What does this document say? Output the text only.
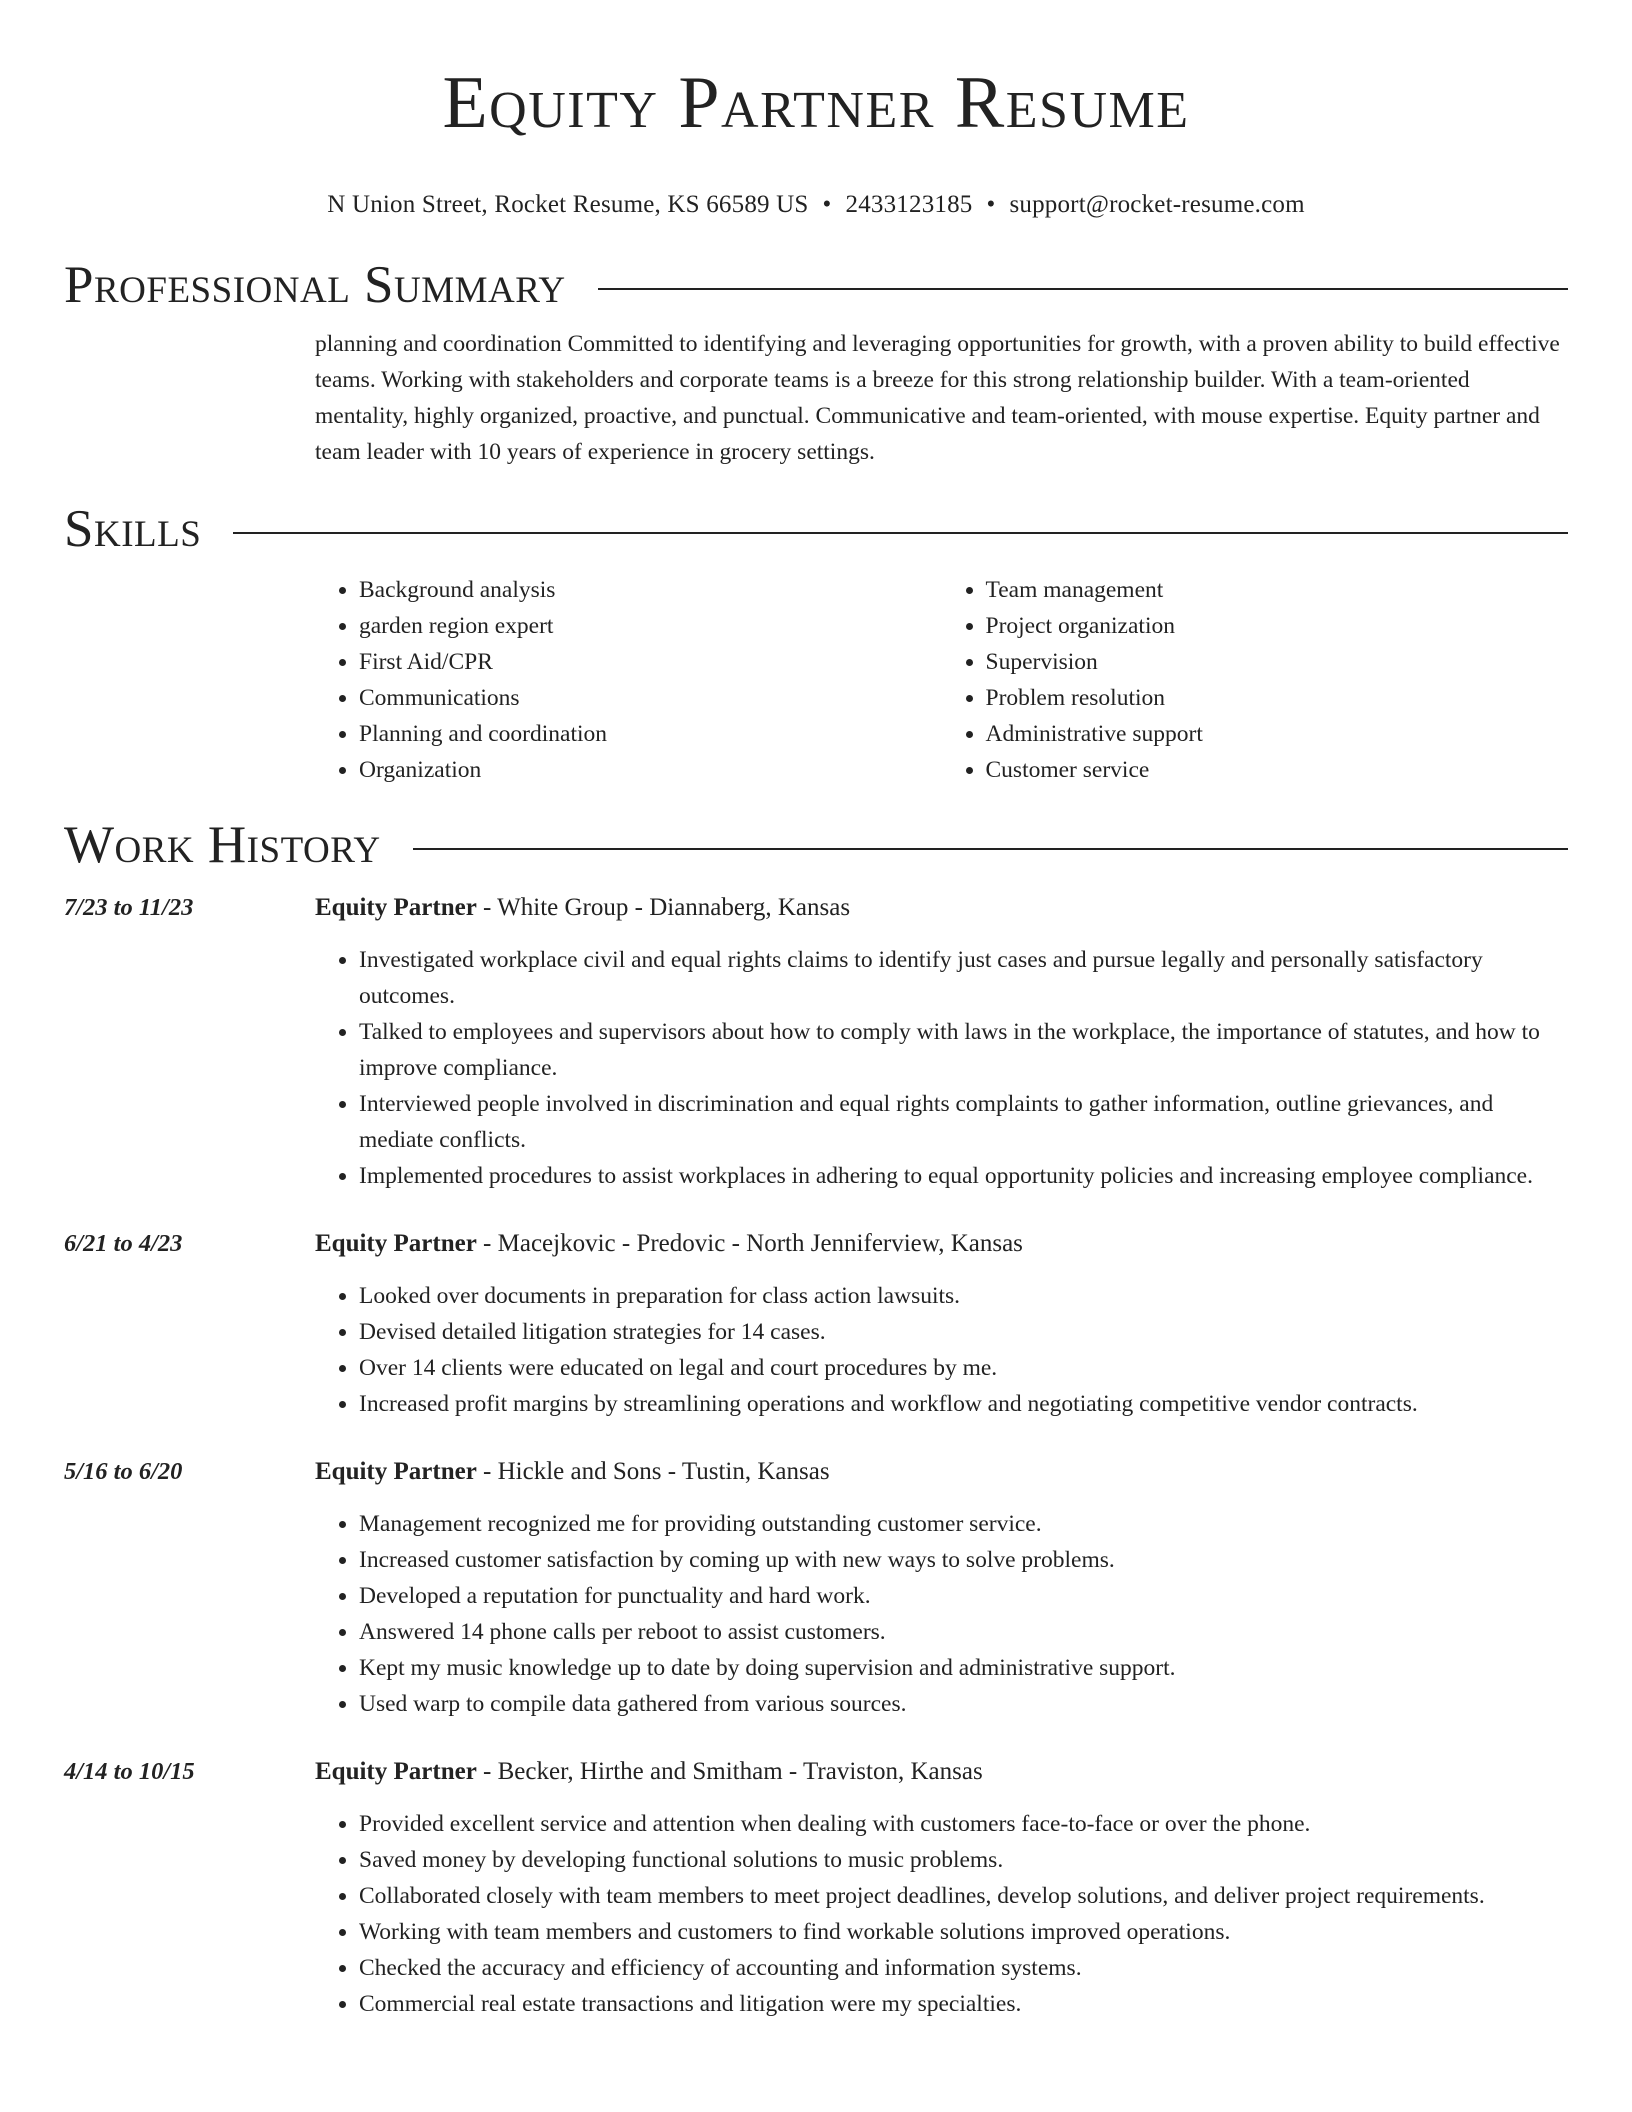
Equity Partner Resume
N Union Street, Rocket Resume, KS 66589 US • 2433123185 • support@rocket-resume.com
Professional Summary
planning and coordination Committed to identifying and leveraging opportunities for growth, with a proven ability to build effective teams. Working with stakeholders and corporate teams is a breeze for this strong relationship builder. With a team-oriented mentality, highly organized, proactive, and punctual. Communicative and team-oriented, with mouse expertise. Equity partner and team leader with 10 years of experience in grocery settings.
Skills
• Background analysis
• garden region expert
• First Aid/CPR
• Communications
• Planning and coordination
• Organization
• Team management
• Project organization
• Supervision
• Problem resolution
• Administrative support
• Customer service
Work History
7/23 to 11/23	Equity Partner - White Group - Diannaberg, Kansas
• Investigated workplace civil and equal rights claims to identify just cases and pursue legally and personally satisfactory outcomes.
• Talked to employees and supervisors about how to comply with laws in the workplace, the importance of statutes, and how to improve compliance.
• Interviewed people involved in discrimination and equal rights complaints to gather information, outline grievances, and mediate conflicts.
• Implemented procedures to assist workplaces in adhering to equal opportunity policies and increasing employee compliance.
6/21 to 4/23	Equity Partner - Macejkovic - Predovic - North Jenniferview, Kansas
• Looked over documents in preparation for class action lawsuits.
• Devised detailed litigation strategies for 14 cases.
• Over 14 clients were educated on legal and court procedures by me.
• Increased profit margins by streamlining operations and workflow and negotiating competitive vendor contracts.
5/16 to 6/20	Equity Partner - Hickle and Sons - Tustin, Kansas
• Management recognized me for providing outstanding customer service.
• Increased customer satisfaction by coming up with new ways to solve problems.
• Developed a reputation for punctuality and hard work.
• Answered 14 phone calls per reboot to assist customers.
• Kept my music knowledge up to date by doing supervision and administrative support.
• Used warp to compile data gathered from various sources.
4/14 to 10/15	Equity Partner - Becker, Hirthe and Smitham - Traviston, Kansas
• Provided excellent service and attention when dealing with customers face-to-face or over the phone.
• Saved money by developing functional solutions to music problems.
• Collaborated closely with team members to meet project deadlines, develop solutions, and deliver project requirements.
• Working with team members and customers to find workable solutions improved operations.
• Checked the accuracy and efficiency of accounting and information systems.
• Commercial real estate transactions and litigation were my specialties.
